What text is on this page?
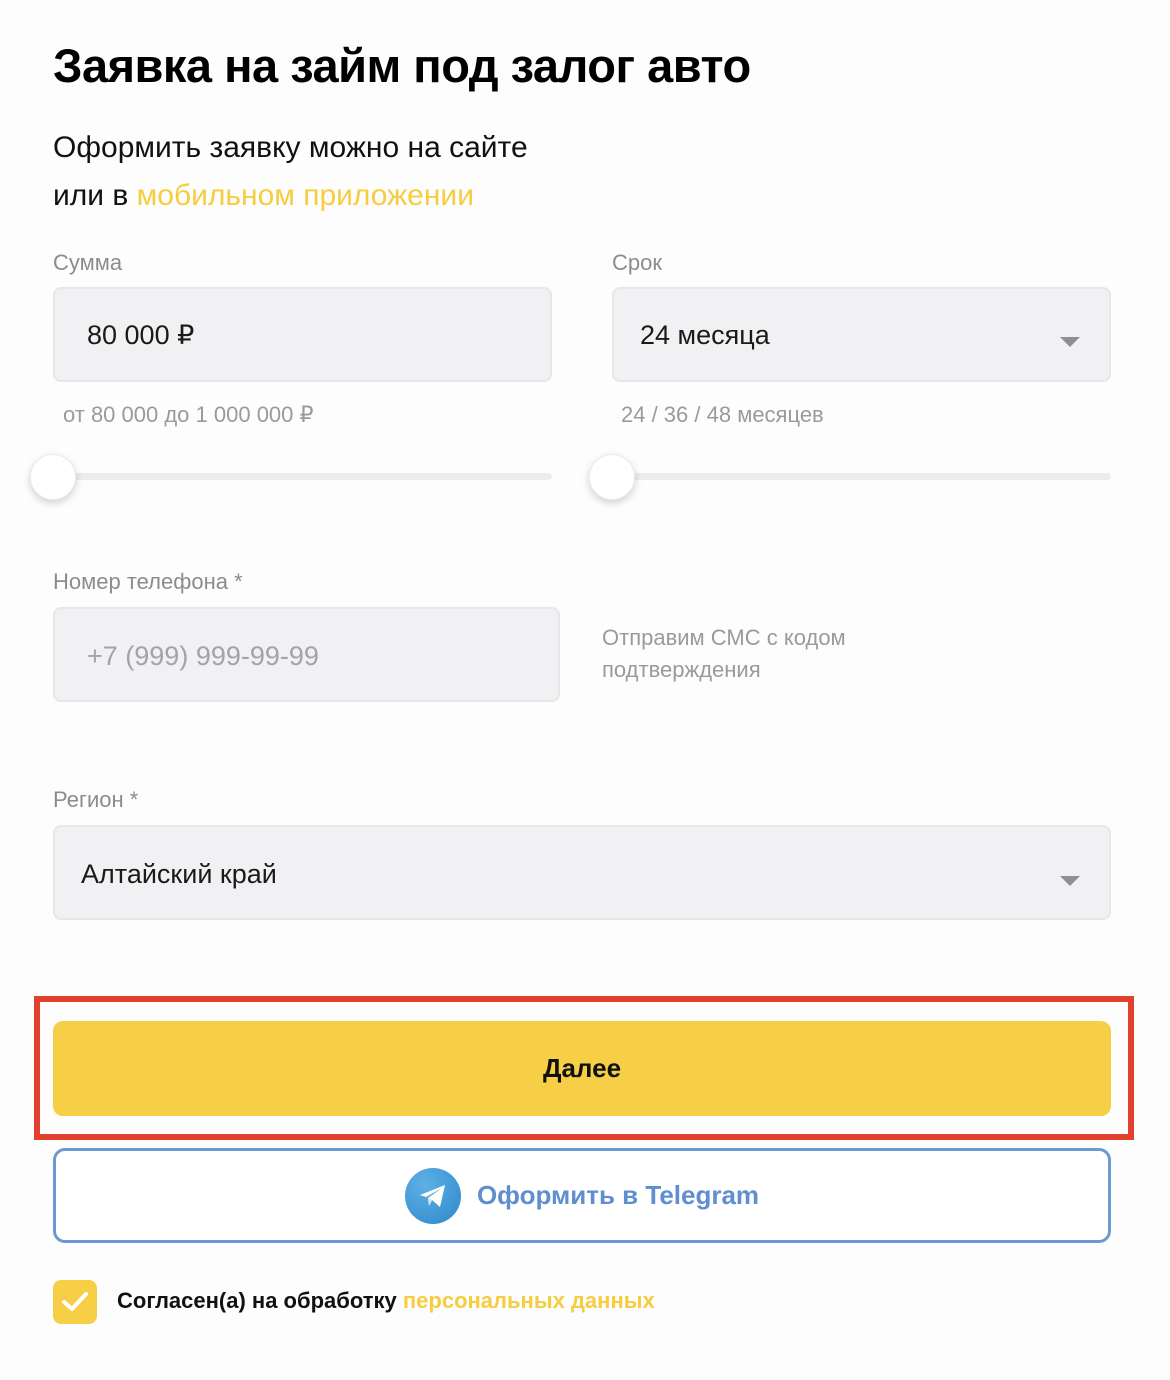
Заявка на займ под залог авто
Оформить заявку можно на сайте
или в мобильном приложении
Сумма
80 000 ₽
от 80 000 до 1 000 000 ₽
Срок
24 месяца
24 / 36 / 48 месяцев
Номер телефона *
+7 (999) 999-99-99
Отправим СМС с кодом
подтверждения
Регион *
Алтайский край
Далее
Оформить в Telegram
Согласен(а) на обработку персональных данных
